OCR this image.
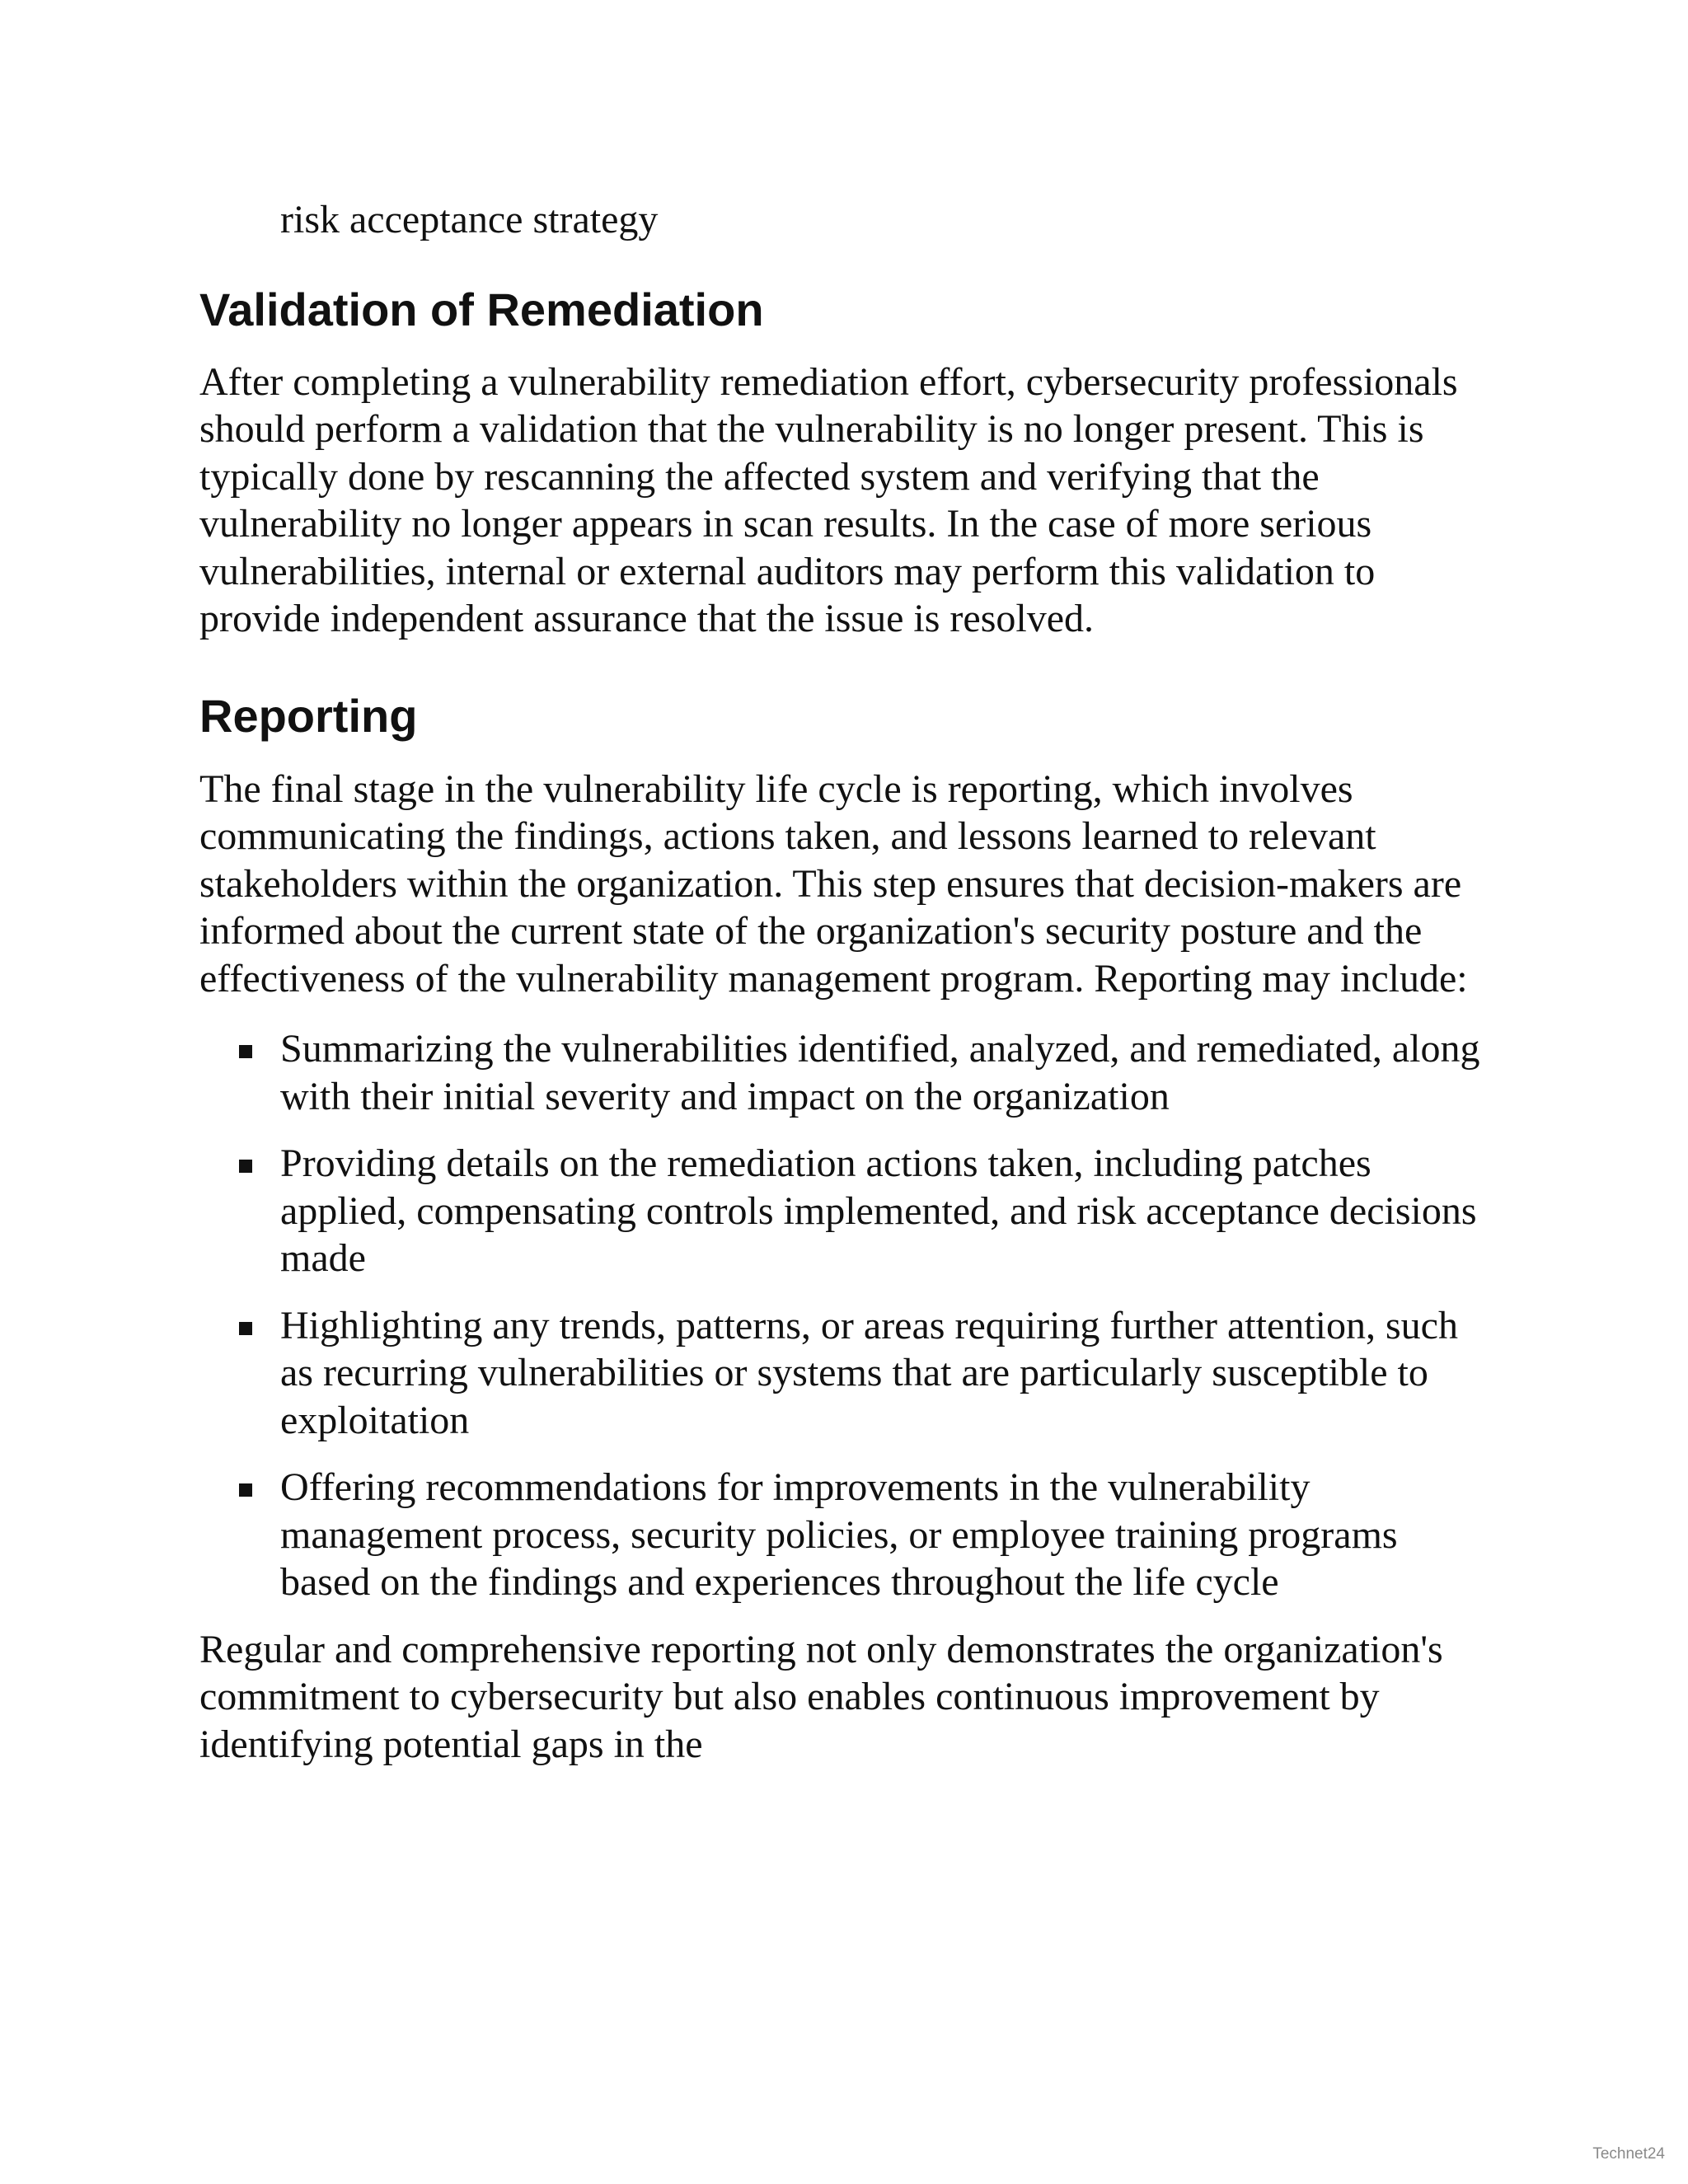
risk acceptance strategy

Validation of Remediation

After completing a vulnerability remediation effort, cybersecurity professionals should perform a validation that the vulnerability is no longer present. This is typically done by rescanning the affected system and verifying that the vulnerability no longer appears in scan results. In the case of more serious vulnerabilities, internal or external auditors may perform this validation to provide independent assurance that the issue is resolved.

Reporting

The final stage in the vulnerability life cycle is reporting, which involves communicating the findings, actions taken, and lessons learned to relevant stakeholders within the organization. This step ensures that decision-makers are informed about the current state of the organization's security posture and the effectiveness of the vulnerability management program. Reporting may include:

Summarizing the vulnerabilities identified, analyzed, and remediated, along with their initial severity and impact on the organization
Providing details on the remediation actions taken, including patches applied, compensating controls implemented, and risk acceptance decisions made
Highlighting any trends, patterns, or areas requiring further attention, such as recurring vulnerabilities or systems that are particularly susceptible to exploitation
Offering recommendations for improvements in the vulnerability management process, security policies, or employee training programs based on the findings and experiences throughout the life cycle

Regular and comprehensive reporting not only demonstrates the organization's commitment to cybersecurity but also enables continuous improvement by identifying potential gaps in the

Technet24
